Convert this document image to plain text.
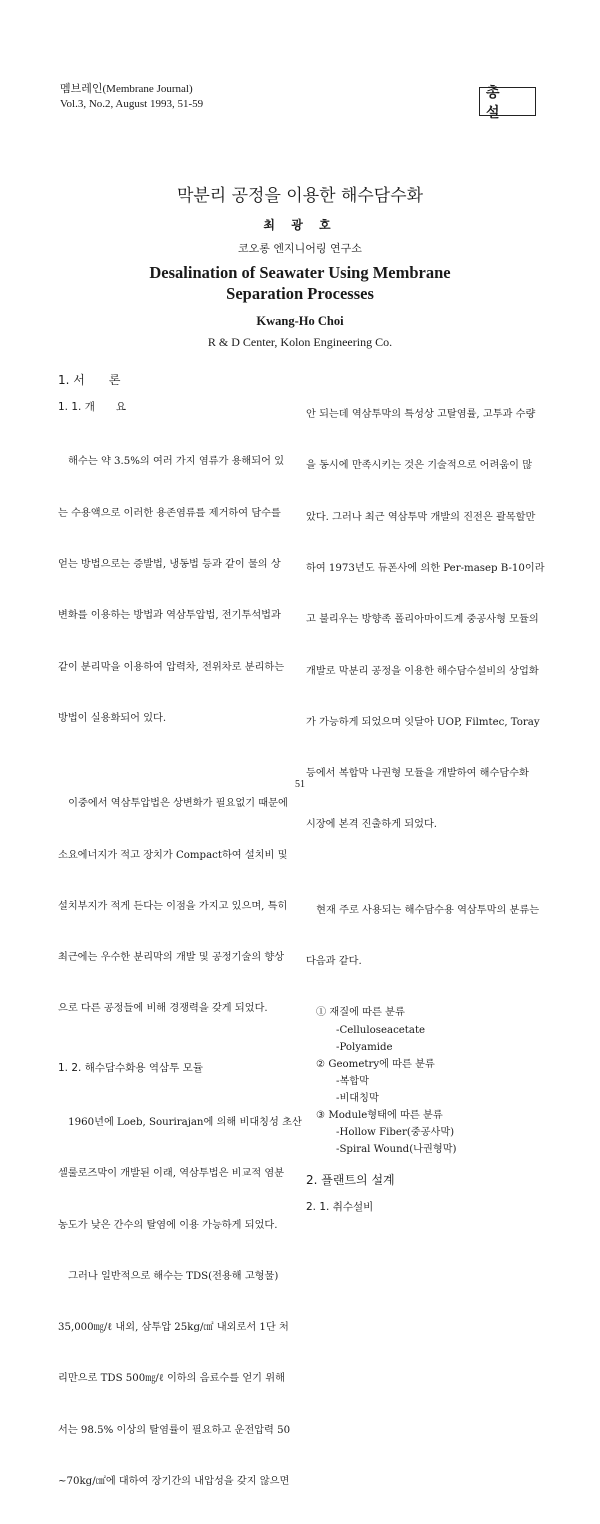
멤브레인(Membrane Journal)
Vol.3, No.2, August 1993, 51-59
총 설
막분리 공정을 이용한 해수담수화
최 광 호
코오롱 엔지니어링 연구소
Desalination of Seawater Using Membrane
Separation Processes
Kwang-Ho Choi
R & D Center, Kolon Engineering Co.
1. 서　　론
1. 1. 개　　요

　해수는 약 3.5%의 여러 가지 염류가 용해되어 있

는 수용액으로 이러한 용존염류를 제거하여 담수를

얻는 방법으로는 증발법, 냉동법 등과 같이 물의 상

변화를 이용하는 방법과 역삼투압법, 전기투석법과

같이 분리막을 이용하여 압력차, 전위차로 분리하는

방법이 실용화되어 있다.

　이중에서 역삼투압법은 상변화가 필요없기 때문에

소요에너지가 적고 장치가 Compact하여 설치비 및

설치부지가 적게 든다는 이점을 가지고 있으며, 특히

최근에는 우수한 분리막의 개발 및 공정기술의 향상

으로 다른 공정들에 비해 경쟁력을 갖게 되었다.

1. 2. 해수담수화용 역삼투 모듈

　1960년에 Loeb, Sourirajan에 의해 비대칭성 초산

셀룰로즈막이 개발된 이래, 역삼투법은 비교적 염분

농도가 낮은 간수의 탈염에 이용 가능하게 되었다.

　그러나 일반적으로 해수는 TDS(전용해 고형물)

35,000㎎/ℓ 내외, 삼투압 25kg/㎠ 내외로서 1단 처

리만으로 TDS 500㎎/ℓ 이하의 음료수를 얻기 위해

서는 98.5% 이상의 탈염률이 필요하고 운전압력 50

~70kg/㎠에 대하여 장기간의 내압성을 갖지 않으면

안 되는데 역삼투막의 특성상 고탈염률, 고투과 수량

을 동시에 만족시키는 것은 기술적으로 어려움이 많

았다. 그러나 최근 역삼투막 개발의 진전은 괄목할만

하여 1973년도 듀폰사에 의한 Per-masep B-10이라

고 불리우는 방향족 폴리아마이드계 중공사형 모듈의

개발로 막분리 공정을 이용한 해수담수설비의 상업화

가 가능하게 되었으며 잇달아 UOP, Filmtec, Toray

등에서 복합막 나권형 모듈을 개발하여 해수담수화

시장에 본격 진출하게 되었다.

　현재 주로 사용되는 해수담수용 역삼투막의 분류는

다음과 같다.

① 재질에 따른 분류
-Celluloseacetate
-Polyamide
② Geometry에 따른 분류
-복합막
-비대칭막
③ Module형태에 따른 분류
-Hollow Fiber(중공사막)
-Spiral Wound(나권형막)
2. 플랜트의 설계
2. 1. 취수설비
51
